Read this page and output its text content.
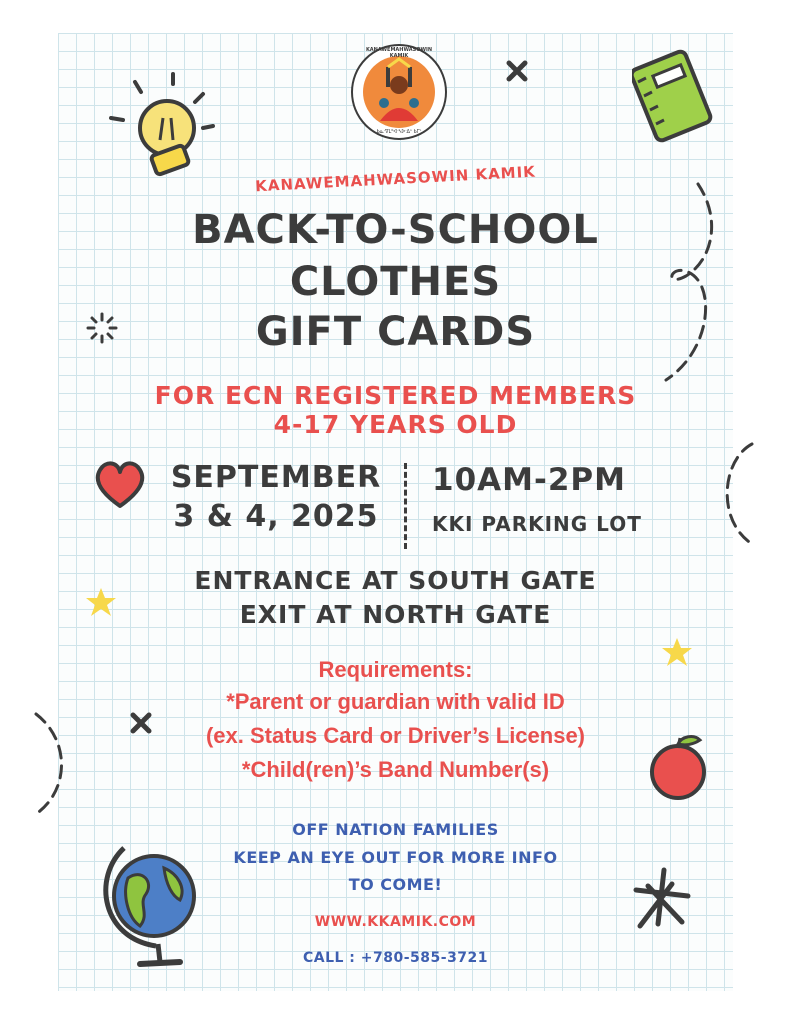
KANAWEMAHWASOWIN KAMIK
ᑲᓇᐧᐁᒪᐦᐊᐧᓴᐅᐧᐃᐣ ᑲᒥᐠ
KANAWEMAHWASOWIN KAMIK
BACK-TO-SCHOOL
CLOTHES
GIFT CARDS
FOR ECN REGISTERED MEMBERS
4-17 YEARS OLD
SEPTEMBER
3 & 4, 2025
10AM-2PM
KKI PARKING LOT
ENTRANCE AT SOUTH GATE
EXIT AT NORTH GATE
Requirements:
*Parent or guardian with valid ID
(ex. Status Card or Driver’s License)
*Child(ren)’s Band Number(s)
OFF NATION FAMILIES
KEEP AN EYE OUT FOR MORE INFO
TO COME!
WWW.KKAMIK.COM
CALL : +780-585-3721
